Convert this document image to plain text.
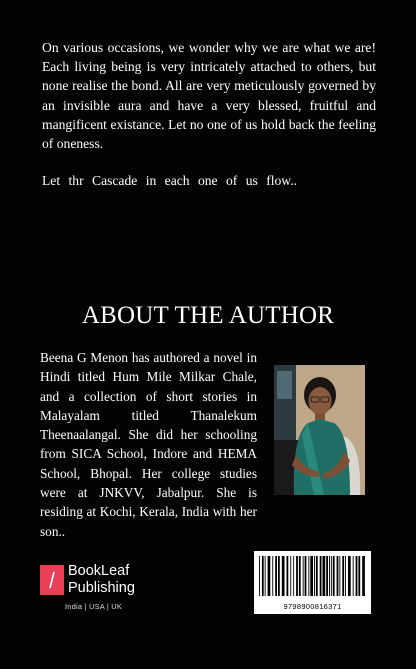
On various occasions, we wonder why we are what we are! Each living being is very intricately attached to others, but none realise the bond. All are very meticulously governed by an invisible aura and have a very blessed, fruitful and mangificent existance. Let no one of us hold back the feeling of oneness.

Let thr Cascade in each one of us flow..

ABOUT THE AUTHOR

Beena G Menon has authored a novel in Hindi titled Hum Mile Milkar Chale, and a collection of short stories in Malayalam titled Thanalekum Theenaalangal. She did her schooling from SICA School, Indore and HEMA School, Bhopal. Her college studies were at JNKVV, Jabalpur. She is residing at Kochi, Kerala, India with her son..

BookLeaf
Publishing
India | USA | UK	9798900816371
